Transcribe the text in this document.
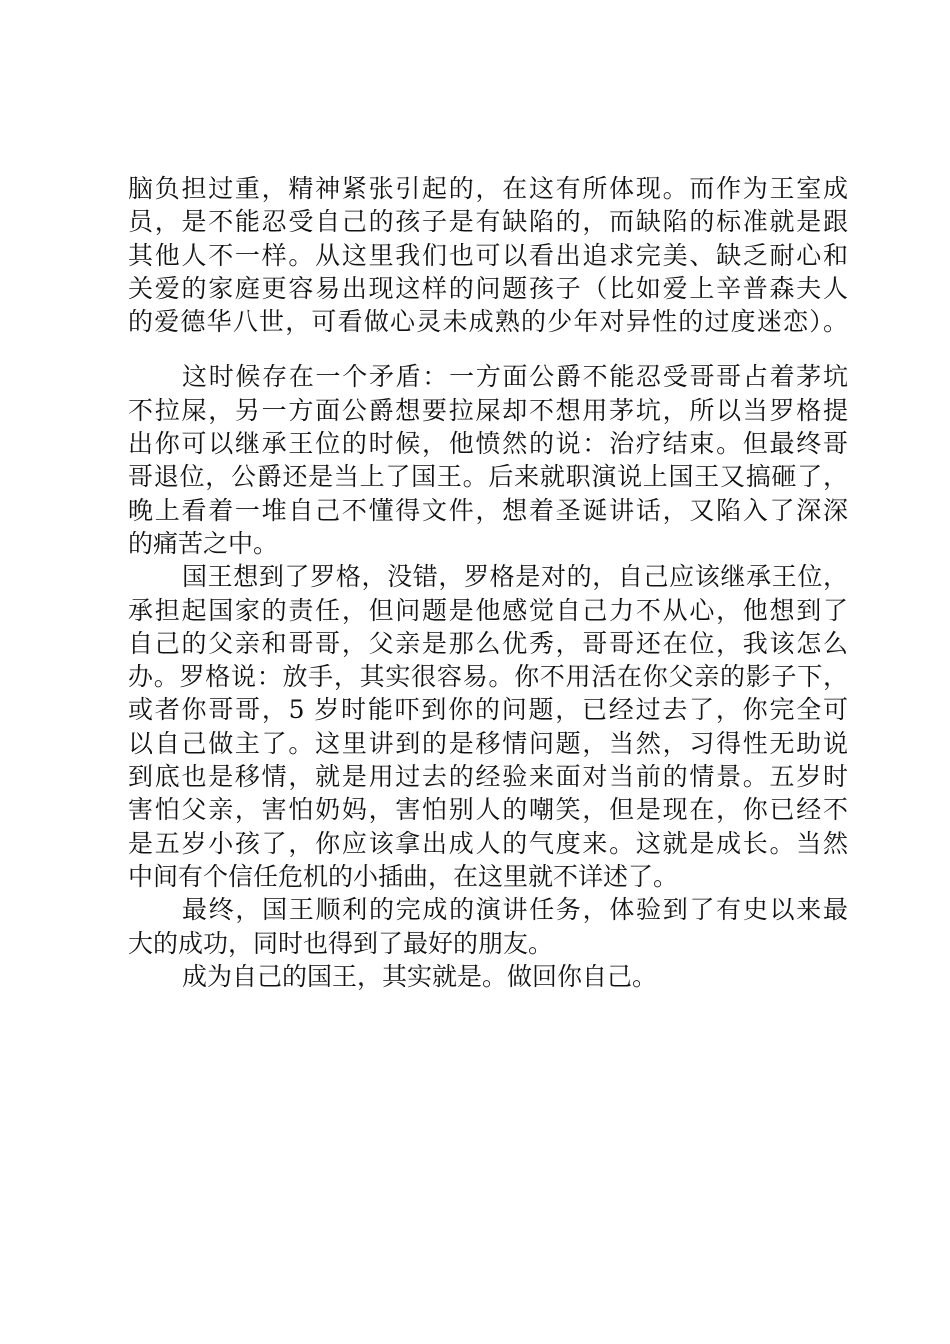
脑负担过重，精神紧张引起的，在这有所体现。而作为王室成
员，是不能忍受自己的孩子是有缺陷的，而缺陷的标准就是跟
其他人不一样。从这里我们也可以看出追求完美、缺乏耐心和
关爱的家庭更容易出现这样的问题孩子（比如爱上辛普森夫人
的爱德华八世，可看做心灵未成熟的少年对异性的过度迷恋）。
这时候存在一个矛盾：一方面公爵不能忍受哥哥占着茅坑
不拉屎，另一方面公爵想要拉屎却不想用茅坑，所以当罗格提
出你可以继承王位的时候，他愤然的说：治疗结束。但最终哥
哥退位，公爵还是当上了国王。后来就职演说上国王又搞砸了，
晚上看着一堆自己不懂得文件，想着圣诞讲话，又陷入了深深
的痛苦之中。
国王想到了罗格，没错，罗格是对的，自己应该继承王位，
承担起国家的责任，但问题是他感觉自己力不从心，他想到了
自己的父亲和哥哥，父亲是那么优秀，哥哥还在位，我该怎么
办。罗格说：放手，其实很容易。你不用活在你父亲的影子下，
或者你哥哥，5 岁时能吓到你的问题，已经过去了，你完全可
以自己做主了。这里讲到的是移情问题，当然，习得性无助说
到底也是移情，就是用过去的经验来面对当前的情景。五岁时
害怕父亲，害怕奶妈，害怕别人的嘲笑，但是现在，你已经不
是五岁小孩了，你应该拿出成人的气度来。这就是成长。当然
中间有个信任危机的小插曲，在这里就不详述了。
最终，国王顺利的完成的演讲任务，体验到了有史以来最
大的成功，同时也得到了最好的朋友。
成为自己的国王，其实就是。做回你自己。
